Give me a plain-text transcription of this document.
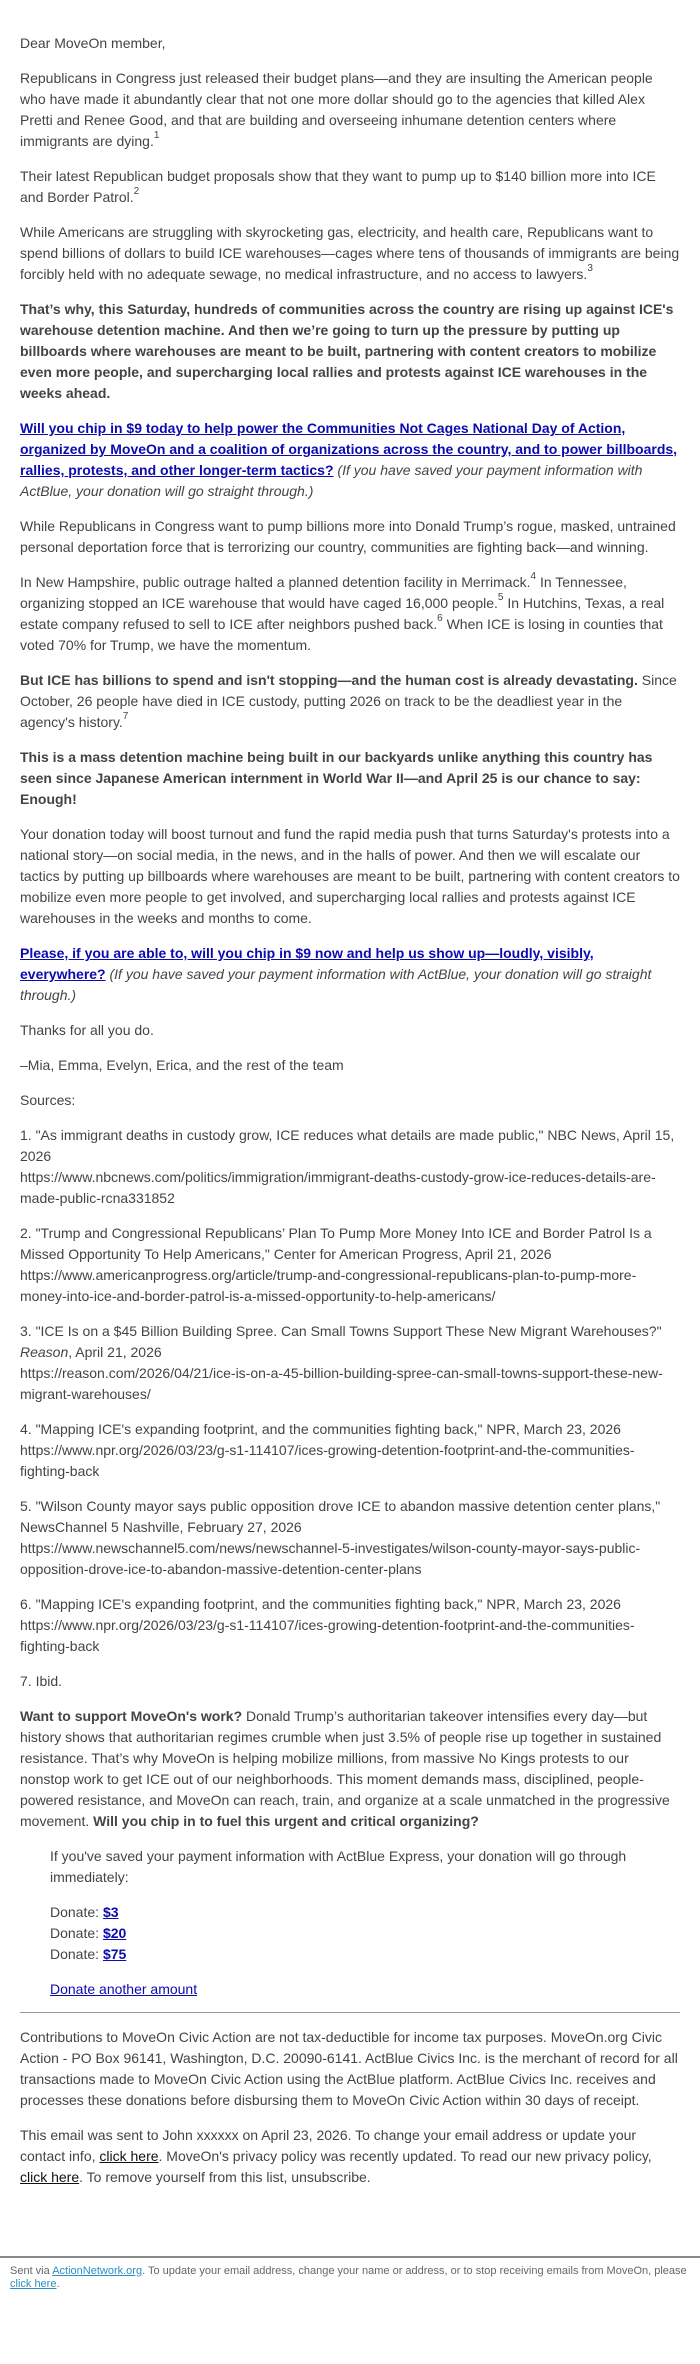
Dear MoveOn member,

Republicans in Congress just released their budget plans—and they are insulting the American people who have made it abundantly clear that not one more dollar should go to the agencies that killed Alex Pretti and Renee Good, and that are building and overseeing inhumane detention centers where immigrants are dying.$^1$

Their latest Republican budget proposals show that they want to pump up to $140 billion more into ICE and Border Patrol.$^2$

While Americans are struggling with skyrocketing gas, electricity, and health care, Republicans want to spend billions of dollars to build ICE warehouses—cages where tens of thousands of immigrants are being forcibly held with no adequate sewage, no medical infrastructure, and no access to lawyers.$^3$

That’s why, this Saturday, hundreds of communities across the country are rising up against ICE's warehouse detention machine. And then we’re going to turn up the pressure by putting up billboards where warehouses are meant to be built, partnering with content creators to mobilize even more people, and supercharging local rallies and protests against ICE warehouses in the weeks ahead.

Will you chip in $9 today to help power the Communities Not Cages National Day of Action, organized by MoveOn and a coalition of organizations across the country, and to power billboards, rallies, protests, and other longer-term tactics? (If you have saved your payment information with ActBlue, your donation will go straight through.)

While Republicans in Congress want to pump billions more into Donald Trump’s rogue, masked, untrained personal deportation force that is terrorizing our country, communities are fighting back—and winning.

In New Hampshire, public outrage halted a planned detention facility in Merrimack.$^4$ In Tennessee, organizing stopped an ICE warehouse that would have caged 16,000 people.$^5$ In Hutchins, Texas, a real estate company refused to sell to ICE after neighbors pushed back.$^6$ When ICE is losing in counties that voted 70% for Trump, we have the momentum.

But ICE has billions to spend and isn't stopping—and the human cost is already devastating. Since October, 26 people have died in ICE custody, putting 2026 on track to be the deadliest year in the agency's history.$^7$

This is a mass detention machine being built in our backyards unlike anything this country has seen since Japanese American internment in World War II—and April 25 is our chance to say: Enough!

Your donation today will boost turnout and fund the rapid media push that turns Saturday's protests into a national story—on social media, in the news, and in the halls of power. And then we will escalate our tactics by putting up billboards where warehouses are meant to be built, partnering with content creators to mobilize even more people to get involved, and supercharging local rallies and protests against ICE warehouses in the weeks and months to come.

Please, if you are able to, will you chip in $9 now and help us show up—loudly, visibly, everywhere? (If you have saved your payment information with ActBlue, your donation will go straight through.)

Thanks for all you do.

–Mia, Emma, Evelyn, Erica, and the rest of the team

Sources:

1. "As immigrant deaths in custody grow, ICE reduces what details are made public," NBC News, April 15, 2026
https://www.nbcnews.com/politics/immigration/immigrant-deaths-custody-grow-ice-reduces-details-are-made-public-rcna331852

2. "Trump and Congressional Republicans’ Plan To Pump More Money Into ICE and Border Patrol Is a Missed Opportunity To Help Americans," Center for American Progress, April 21, 2026
https://www.americanprogress.org/article/trump-and-congressional-republicans-plan-to-pump-more-money-into-ice-and-border-patrol-is-a-missed-opportunity-to-help-americans/

3. "ICE Is on a $45 Billion Building Spree. Can Small Towns Support These New Migrant Warehouses?"
Reason, April 21, 2026
https://reason.com/2026/04/21/ice-is-on-a-45-billion-building-spree-can-small-towns-support-these-new-migrant-warehouses/

4. "Mapping ICE's expanding footprint, and the communities fighting back," NPR, March 23, 2026
https://www.npr.org/2026/03/23/g-s1-114107/ices-growing-detention-footprint-and-the-communities-fighting-back

5. "Wilson County mayor says public opposition drove ICE to abandon massive detention center plans," NewsChannel 5 Nashville, February 27, 2026
https://www.newschannel5.com/news/newschannel-5-investigates/wilson-county-mayor-says-public-opposition-drove-ice-to-abandon-massive-detention-center-plans

6. "Mapping ICE's expanding footprint, and the communities fighting back," NPR, March 23, 2026
https://www.npr.org/2026/03/23/g-s1-114107/ices-growing-detention-footprint-and-the-communities-fighting-back

7. Ibid.

Want to support MoveOn's work? Donald Trump’s authoritarian takeover intensifies every day—but history shows that authoritarian regimes crumble when just 3.5% of people rise up together in sustained resistance. That’s why MoveOn is helping mobilize millions, from massive No Kings protests to our nonstop work to get ICE out of our neighborhoods. This moment demands mass, disciplined, people-powered resistance, and MoveOn can reach, train, and organize at a scale unmatched in the progressive movement. Will you chip in to fuel this urgent and critical organizing?

If you've saved your payment information with ActBlue Express, your donation will go through immediately:

Donate: $3
Donate: $20
Donate: $75

Donate another amount

Contributions to MoveOn Civic Action are not tax-deductible for income tax purposes. MoveOn.org Civic Action - PO Box 96141, Washington, D.C. 20090-6141. ActBlue Civics Inc. is the merchant of record for all transactions made to MoveOn Civic Action using the ActBlue platform. ActBlue Civics Inc. receives and processes these donations before disbursing them to MoveOn Civic Action within 30 days of receipt.

This email was sent to John xxxxxx on April 23, 2026. To change your email address or update your contact info, click here. MoveOn's privacy policy was recently updated. To read our new privacy policy, click here. To remove yourself from this list, unsubscribe.

Sent via ActionNetwork.org. To update your email address, change your name or address, or to stop receiving emails from MoveOn, please click here.
